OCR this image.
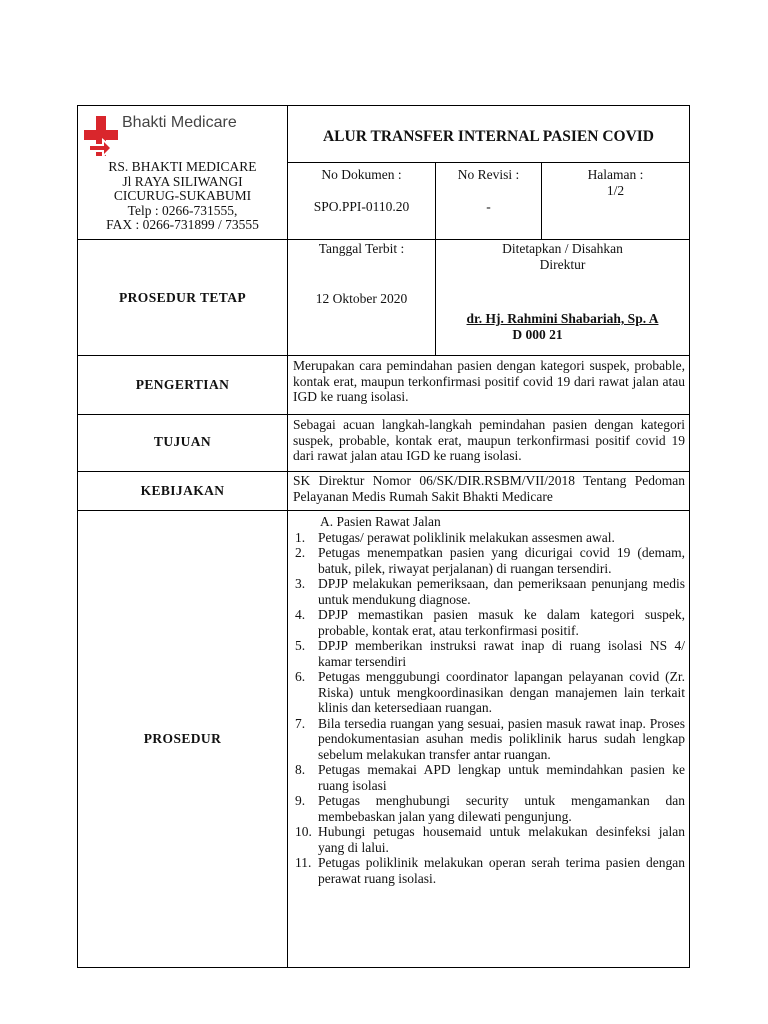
Bhakti Medicare
RS. BHAKTI MEDICARE
Jl RAYA SILIWANGI
CICURUG-SUKABUMI
Telp : 0266-731555,
FAX : 0266-731899 / 73555
ALUR TRANSFER INTERNAL PASIEN COVID
No Dokumen :
SPO.PPI-0110.20
No Revisi :
-
Halaman :
1/2
PROSEDUR TETAP
Tanggal Terbit :
12 Oktober 2020
Ditetapkan / Disahkan
Direktur
dr. Hj. Rahmini Shabariah, Sp. A
D 000 21
PENGERTIAN
Merupakan cara pemindahan pasien dengan kategori suspek, probable, kontak erat, maupun terkonfirmasi positif covid 19 dari rawat jalan atau IGD ke ruang isolasi.
TUJUAN
Sebagai acuan langkah-langkah pemindahan pasien dengan kategori suspek, probable, kontak erat, maupun terkonfirmasi positif covid 19 dari rawat jalan atau IGD ke ruang isolasi.
KEBIJAKAN
SK Direktur Nomor 06/SK/DIR.RSBM/VII/2018 Tentang Pedoman Pelayanan Medis Rumah Sakit Bhakti Medicare
PROSEDUR
A. Pasien Rawat Jalan
1. Petugas/ perawat poliklinik melakukan assesmen awal.
2. Petugas menempatkan pasien yang dicurigai covid 19 (demam, batuk, pilek, riwayat perjalanan) di ruangan tersendiri.
3. DPJP melakukan pemeriksaan, dan pemeriksaan penunjang medis untuk mendukung diagnose.
4. DPJP memastikan pasien masuk ke dalam kategori suspek, probable, kontak erat, atau terkonfirmasi positif.
5. DPJP memberikan instruksi rawat inap di ruang isolasi NS 4/ kamar tersendiri
6. Petugas menggubungi coordinator lapangan pelayanan covid (Zr. Riska) untuk mengkoordinasikan dengan manajemen lain terkait klinis dan ketersediaan ruangan.
7. Bila tersedia ruangan yang sesuai, pasien masuk rawat inap. Proses pendokumentasian asuhan medis poliklinik harus sudah lengkap sebelum melakukan transfer antar ruangan.
8. Petugas memakai APD lengkap untuk memindahkan pasien ke ruang isolasi
9. Petugas menghubungi security untuk mengamankan dan membebaskan jalan yang dilewati pengunjung.
10. Hubungi petugas housemaid untuk melakukan desinfeksi jalan yang di lalui.
11. Petugas poliklinik melakukan operan serah terima pasien dengan perawat ruang isolasi.
